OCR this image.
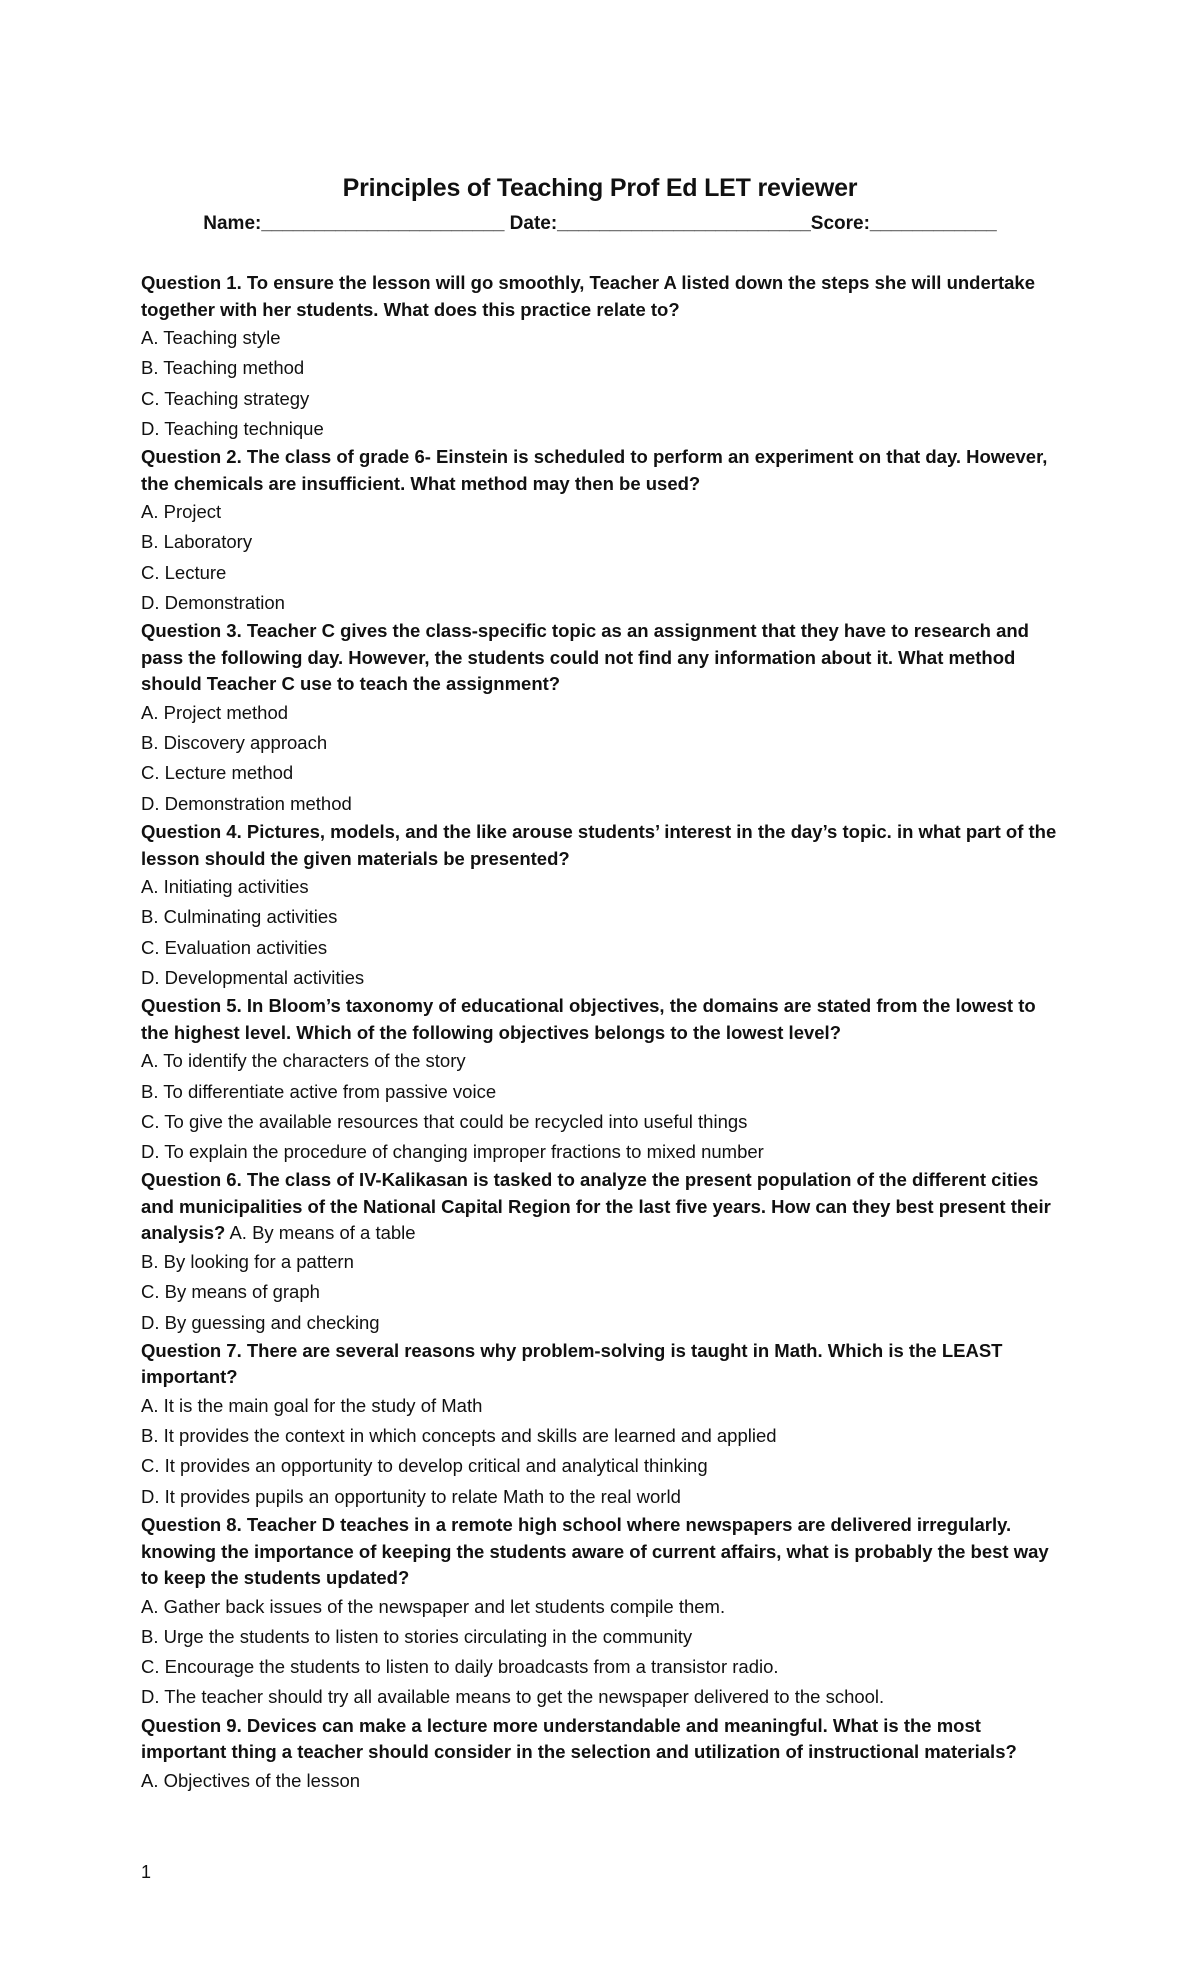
Principles of Teaching Prof Ed LET reviewer
Name:_______________________ Date:________________________Score:____________

Question 1. To ensure the lesson will go smoothly, Teacher A listed down the steps she will undertake together with her students. What does this practice relate to?

A. Teaching style

B. Teaching method

C. Teaching strategy

D. Teaching technique

Question 2. The class of grade 6- Einstein is scheduled to perform an experiment on that day. However, the chemicals are insufficient. What method may then be used?

A. Project

B. Laboratory

C. Lecture

D. Demonstration

Question 3. Teacher C gives the class-specific topic as an assignment that they have to research and pass the following day. However, the students could not find any information about it. What method should Teacher C use to teach the assignment?

A. Project method

B. Discovery approach

C. Lecture method

D. Demonstration method

Question 4. Pictures, models, and the like arouse students’ interest in the day’s topic. in what part of the lesson should the given materials be presented?

A. Initiating activities

B. Culminating activities

C. Evaluation activities

D. Developmental activities

Question 5. In Bloom’s taxonomy of educational objectives, the domains are stated from the lowest to the highest level. Which of the following objectives belongs to the lowest level?

A. To identify the characters of the story

B. To differentiate active from passive voice

C. To give the available resources that could be recycled into useful things

D. To explain the procedure of changing improper fractions to mixed number

Question 6. The class of IV-Kalikasan is tasked to analyze the present population of the different cities and municipalities of the National Capital Region for the last five years. How can they best present their analysis? A. By means of a table

B. By looking for a pattern

C. By means of graph

D. By guessing and checking

Question 7. There are several reasons why problem-solving is taught in Math. Which is the LEAST important?

A. It is the main goal for the study of Math

B. It provides the context in which concepts and skills are learned and applied

C. It provides an opportunity to develop critical and analytical thinking

D. It provides pupils an opportunity to relate Math to the real world

Question 8. Teacher D teaches in a remote high school where newspapers are delivered irregularly. knowing the importance of keeping the students aware of current affairs, what is probably the best way to keep the students updated?

A. Gather back issues of the newspaper and let students compile them.

B. Urge the students to listen to stories circulating in the community

C. Encourage the students to listen to daily broadcasts from a transistor radio.

D. The teacher should try all available means to get the newspaper delivered to the school.

Question 9. Devices can make a lecture more understandable and meaningful. What is the most important thing a teacher should consider in the selection and utilization of instructional materials?

A. Objectives of the lesson

1
